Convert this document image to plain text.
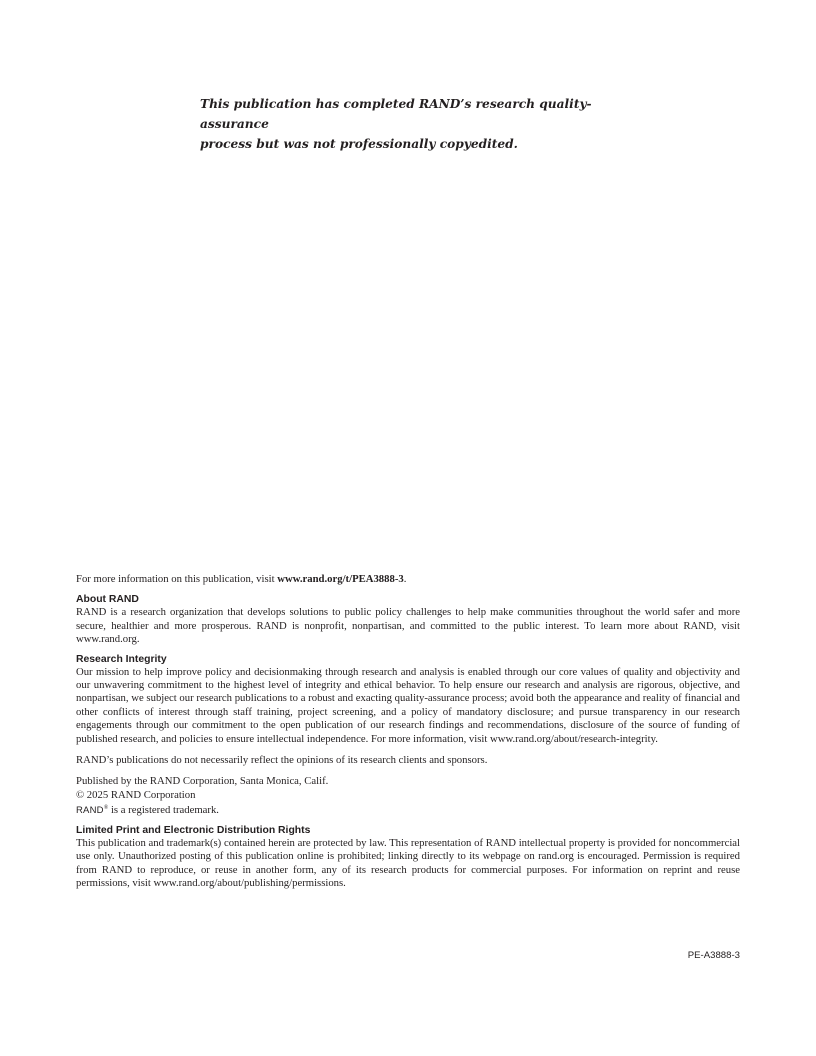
This publication has completed RAND’s research quality-assurance
process but was not professionally copyedited.

For more information on this publication, visit www.rand.org/t/PEA3888-3.

About RAND

RAND is a research organization that develops solutions to public policy challenges to help make communities throughout the world safer and more secure, healthier and more prosperous. RAND is nonprofit, nonpartisan, and committed to the public interest. To learn more about RAND, visit www.rand.org.

Research Integrity

Our mission to help improve policy and decisionmaking through research and analysis is enabled through our core values of quality and objectivity and our unwavering commitment to the highest level of integrity and ethical behavior. To help ensure our research and analysis are rigorous, objective, and nonpartisan, we subject our research publications to a robust and exacting quality-assurance process; avoid both the appearance and reality of financial and other conflicts of interest through staff training, project screening, and a policy of mandatory disclosure; and pursue transparency in our research engagements through our commitment to the open publication of our research findings and recommendations, disclosure of the source of funding of published research, and policies to ensure intellectual independence. For more information, visit www.rand.org/about/research-integrity.

RAND’s publications do not necessarily reflect the opinions of its research clients and sponsors.

Published by the RAND Corporation, Santa Monica, Calif.

© 2025 RAND Corporation

RAND® is a registered trademark.

Limited Print and Electronic Distribution Rights

This publication and trademark(s) contained herein are protected by law. This representation of RAND intellectual property is provided for noncommercial use only. Unauthorized posting of this publication online is prohibited; linking directly to its webpage on rand.org is encouraged. Permission is required from RAND to reproduce, or reuse in another form, any of its research products for commercial purposes. For information on reprint and reuse permissions, visit www.rand.org/about/publishing/permissions.

PE-A3888-3
